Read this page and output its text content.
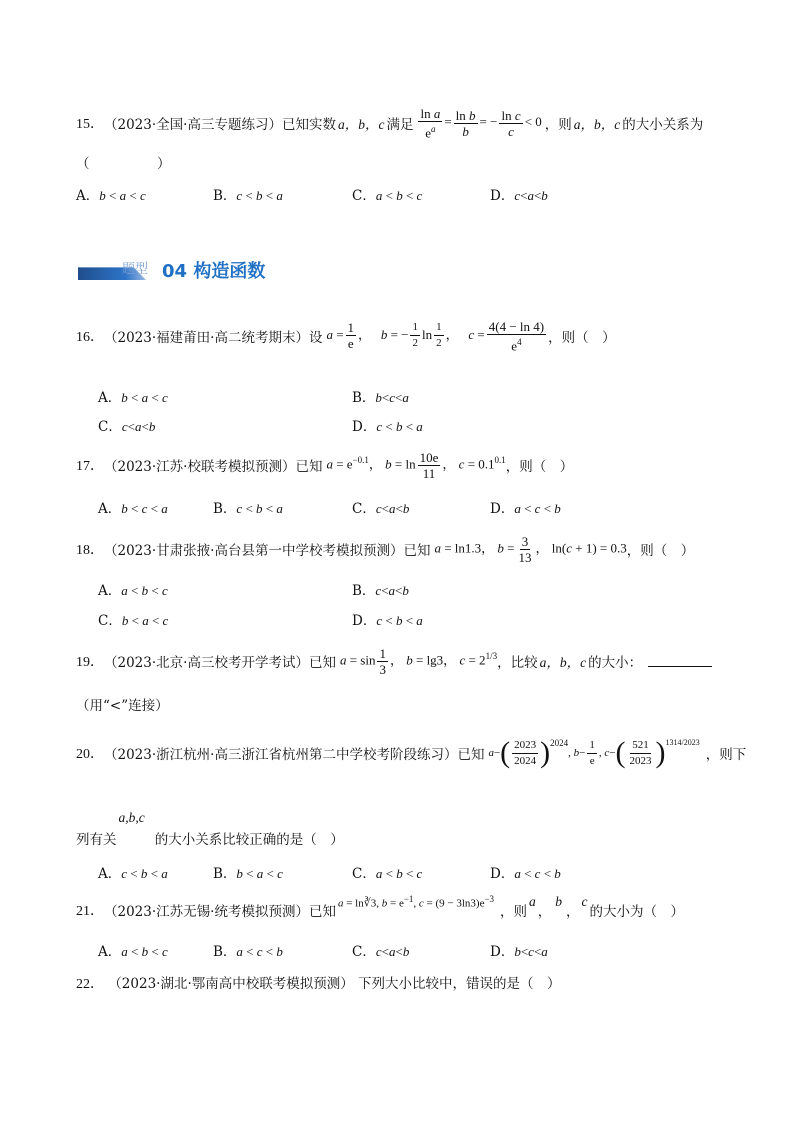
15． （2023·全国·高三专题练习） 已知实数 a，b，c 满足 $\frac{\text{ln a}}{e^a} = \frac{\text{ln b}}{b}$ = − $\frac{\text{ln c}}{c} < 0$ ，则 a，b，c 的大小关系为
（　　　　　）
A．b < a < c	B．c < b < a	C．a < b < c	D．c<a<b
题型 04 构造函数
16． （2023·福建莆田·高二统考期末） 设 $a = \frac{1}{e}$ ，   b = − $\frac{1}{2}$ $\ln \frac{1}{2}$ ，   $c = \frac{4(4 - \ln 4)}{e^4}$ ，则（　）
A．b < a < c	B．b<c<a
C．c<a<b	D．c < b < a
17． （2023·江苏·校联考模拟预测） 已知 $a = e^{-0.1}$， $b = \ln \frac{10e}{11}$ ， $c = 0.1^{0.1}$ ，则（　）
A．b < c < a	B．c < b < a	C．c<a<b	D．a < c < b
18． （2023·甘肃张掖·高台县第一中学校考模拟预测） 已知 a = ln1.3， $b = \frac{3}{13}$ ， ln(c + 1) = 0.3 ，则（　）
A．a < b < c	B．c<a<b
C．b < a < c	D．c < b < a
19． （2023·北京·高三校考开学考试） 已知 $a = \sin \frac{1}{3}$ ， b = lg3， $c = 2^{1/3}$ ，比较 a，b，c 的大小：
（用“<”连接）
20． （2023·浙江杭州·高三浙江省杭州第二中学校考阶段练习） 已知 a − ( $\frac{2023}{2024}$ ) 2024
, $b - \frac{1}{e}$ , c − ( $\frac{521}{2023}$ ) 1314/2023
，则下
列有关
a,b,c
的大小关系比较正确的是（　）
A．c < b < a	B．b < a < c	C．a < b < c	D．a < c < b
21． （2023·江苏无锡·统考模拟预测） 已知
a = ln∛3, $b = e^{-1}$, $c = (9 - 3\ln 3)e^{-3}$
，则
a
，
b
，
c
的大小为（　）
A．a < b < c	B．a < c < b	C．c<a<b	D．b<c<a
22． （2023·湖北·鄂南高中校联考模拟预测） 下列大小比较中，错误的是（　）
